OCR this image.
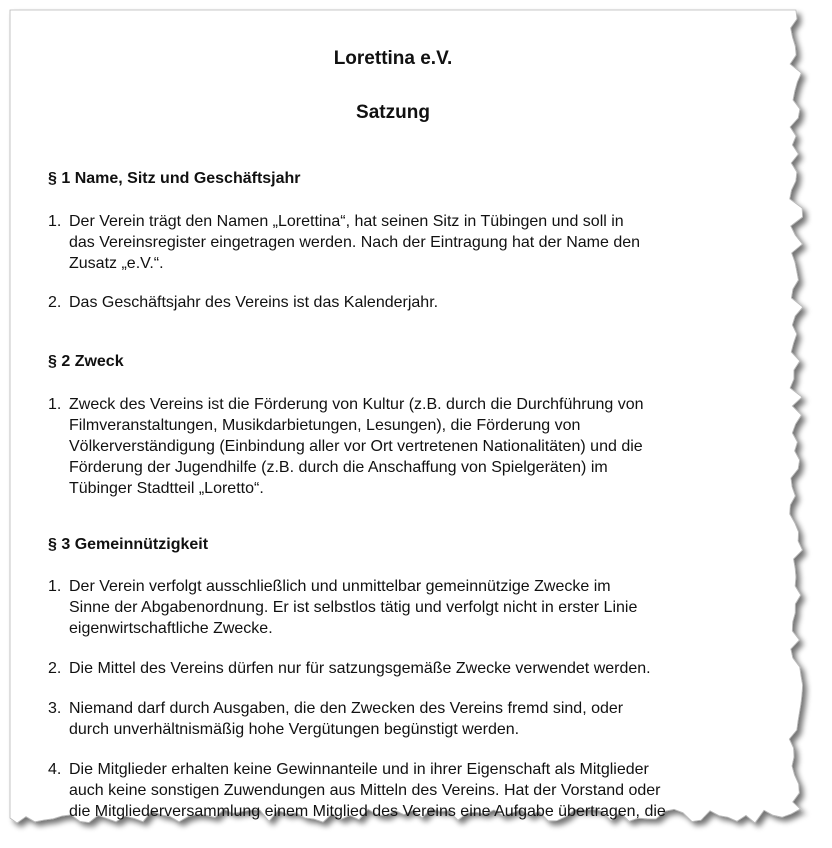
Lorettina e.V.
Satzung
§ 1 Name, Sitz und Geschäftsjahr
1. Der Verein trägt den Namen „Lorettina“, hat seinen Sitz in Tübingen und soll in
das Vereinsregister eingetragen werden. Nach der Eintragung hat der Name den
Zusatz „e.V.“.
2. Das Geschäftsjahr des Vereins ist das Kalenderjahr.
§ 2 Zweck
1. Zweck des Vereins ist die Förderung von Kultur (z.B. durch die Durchführung von
Filmveranstaltungen, Musikdarbietungen, Lesungen), die Förderung von
Völkerverständigung (Einbindung aller vor Ort vertretenen Nationalitäten) und die
Förderung der Jugendhilfe (z.B. durch die Anschaffung von Spielgeräten) im
Tübinger Stadtteil „Loretto“.
§ 3 Gemeinnützigkeit
1. Der Verein verfolgt ausschließlich und unmittelbar gemeinnützige Zwecke im
Sinne der Abgabenordnung. Er ist selbstlos tätig und verfolgt nicht in erster Linie
eigenwirtschaftliche Zwecke.
2. Die Mittel des Vereins dürfen nur für satzungsgemäße Zwecke verwendet werden.
3. Niemand darf durch Ausgaben, die den Zwecken des Vereins fremd sind, oder
durch unverhältnismäßig hohe Vergütungen begünstigt werden.
4. Die Mitglieder erhalten keine Gewinnanteile und in ihrer Eigenschaft als Mitglieder
auch keine sonstigen Zuwendungen aus Mitteln des Vereins. Hat der Vorstand oder
die Mitgliederversammlung einem Mitglied des Vereins eine Aufgabe übertragen, die
